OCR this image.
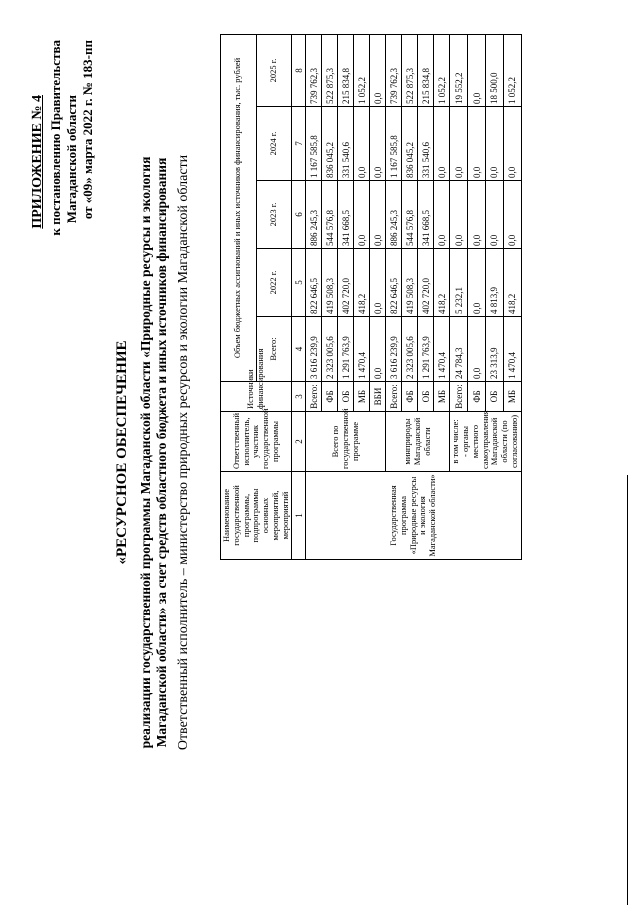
ПРИЛОЖЕНИЕ № 4 к постановлению Правительства Магаданской области от «09» марта 2022 г. № 183-пп
«РЕСУРСНОЕ ОБЕСПЕЧЕНИЕ реализации государственной программы Магаданской области «Природные ресурсы и экология Магаданской области» за счет средств областного бюджета и иных источников финансирования Ответственный исполнитель – министерство природных ресурсов и экологии Магаданской области	Наименование государственной программы, подпрограммы основных мероприятий, мероприятий	Ответственный исполнитель, участник государственной программы	Источники финансирования	Объем бюджетных ассигнований и иных источников финансирования, тыс. рублей				
			Всего:	2022 г.	2023 г.	2024 г.	2025 г.
1	2	3	4	5	6	7	8
Государственная программа «Природные ресурсы и экология Магаданской области»	Всего по государственной программе	Всего:	3 616 239,9	822 646,5	886 245,3	1 167 585,8	739 762,3
		ФБ	2 323 005,6	419 508,3	544 576,8	836 045,2	522 875,3
		ОБ	1 291 763,9	402 720,0	341 668,5	331 540,6	215 834,8
		МБ	1 470,4	418,2	0,0	0,0	1 052,2
		ВБИ	0,0	0,0	0,0	0,0	0,0
	минприроды Магаданской области	Всего:	3 616 239,9	822 646,5	886 245,3	1 167 585,8	739 762,3
		ФБ	2 323 005,6	419 508,3	544 576,8	836 045,2	522 875,3
		ОБ	1 291 763,9	402 720,0	341 668,5	331 540,6	215 834,8
		МБ	1 470,4	418,2	0,0	0,0	1 052,2

	в том числе: - органы местного самоуправления Магаданской области (по согласованию)	Всего:	24 784,3	5 232,1	0,0	0,0	19 552,2
		ФБ	0,0	0,0	0,0	0,0	0,0
		ОБ	23 313,9	4 813,9	0,0	0,0	18 500,0
		МБ	1 470,4	418,2	0,0	0,0	1 052,2
